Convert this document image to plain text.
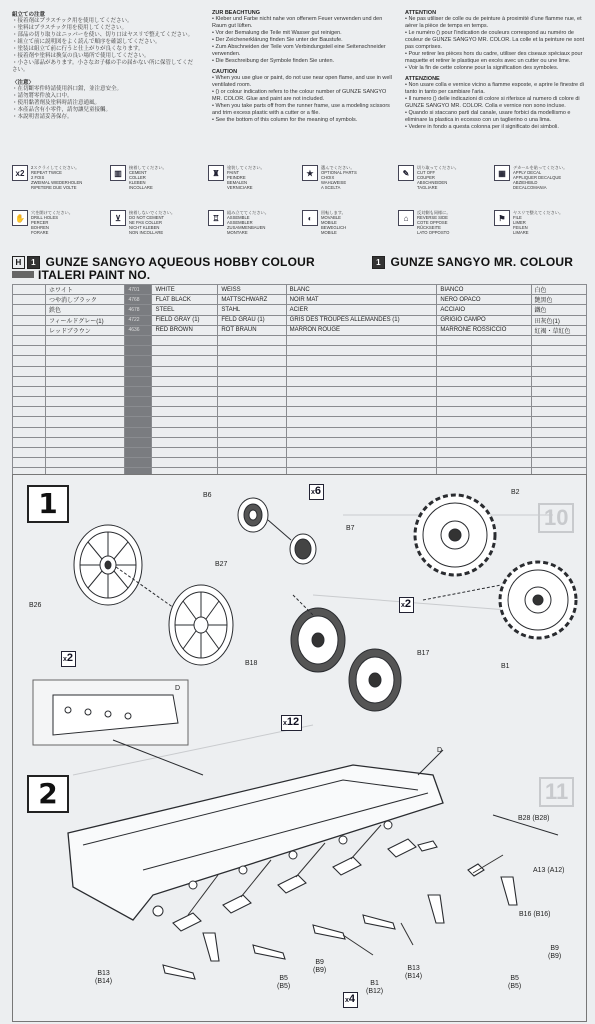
組立ての注意
・接着剤はプラスチック用を使用してください。
・塗料はプラスチック用を使用してください。
・部品の切り取りはニッパーを使い、切り口はヤスリで整えてください。
・組立て前に説明図をよく読んで順序を確認してください。
・塗装は組立て前に行うと仕上がりが良くなります。
・接着剤や塗料は換気の良い場所で使用してください。
・小さい部品があります。小さなお子様の手の届かない所に保管してください。
〈注意〉
・在切斷零件時請使用斜口鉗，並注意安全。
・請勿將零件放入口中。
・使用黏著劑及塗料時請注意通風。
・本產品含有小零件，請勿讓兒童接觸。
・本說明書請妥善保存。
ZUR BEACHTUNG
• Kleber und Farbe nicht nahe von offenem Feuer verwenden und den Raum gut lüften.
• Vor der Bemalung die Teile mit Wasser gut reinigen.
• Der Zeichenerklärung finden Sie unter der Baustufe.
• Zum Abschneiden der Teile vom Verbindungsteil eine Seitenschneider verwenden.
• Die Beschreibung der Symbole finden Sie unten.
CAUTION
• When you use glue or paint, do not use near open flame, and use in well ventilated room.
• () or colour indication refers to the colour number of GUNZE SANGYO MR. COLOR. Glue and paint are not included.
• When you take parts off from the runner frame, use a modeling scissors and trim excess plastic with a cutter or a file.
• See the bottom of this column for the meaning of symbols.
ATTENTION
• Ne pas utiliser de colle ou de peinture à proximité d'une flamme nue, et aérer la pièce de temps en temps.
• Le numéro () pour l'indication de couleurs correspond au numéro de couleur de GUNZE SANGYO MR. COLOR. La colle et la peinture ne sont pas comprises.
• Pour retirer les pièces hors du cadre, utiliser des ciseaux spéciaux pour maquette et retirer le plastique en excès avec un cutter ou une lime.
• Voir la fin de cette colonne pour la signification des symboles.
ATTENZIONE
• Non usare colla e vernice vicino a fiamme esposte, e aprire le finestre di tanto in tanto per cambiare l'aria.
• Il numero () delle indicazioni di colore si riferisce al numero di colore di GUNZE SANGYO MR. COLOR. Colla e vernice non sono incluse.
• Quando si staccano parti dal canale, usare forbici da modellismo e eliminare la plastica in eccesso con un taglierino o una lima.
• Vedere in fondo a questa colonna per il significato dei simboli.
x2
2スクライしてください。
REPEAT TWICE
2 FOIS
ZWEIMAL WIEDERHOLEN
RIPETERE DUE VOLTE
▥
接着してください。
CEMENT
COLLER
KLEBEN
INCOLLARE
♜
塗装してください。
PAINT
PEINDRE
BEMALEN
VERNICIARE
★
選んでください。
OPTIONAL PARTS
CHOIX
WAHLWEISE
A SCELTA
✎
切り取ってください。
CUT OFF
COUPER
ABSCHNEIDEN
TAGLIARE
▦
デカールを貼ってください。
APPLY DECAL
APPLIQUER DECALQUE
ABZIEHBILD
DECALCOMANIA
✋
穴を開けてください。
DRILL HOLES
PERCER
BOHREN
FORARE
⊻
接着しないでください。
DO NOT CEMENT
NE PAS COLLER
NICHT KLEBEN
NON INCOLLARE
♖
組み立ててください。
ASSEMBLE
ASSEMBLER
ZUSAMMENBAUEN
MONTARE
◐
回転します。
MOVABLE
MOBILE
BEWEGLICH
MOBILE
⌂
反対側も同様に。
REVERSE SIDE
COTE OPPOSE
RÜCKSEITE
LATO OPPOSTO
⚑
ヤスリで整えてください。
FILE
LIMER
FEILEN
LIMARE
H 1 GUNZE SANGYO AQUEOUS HOBBY COLOUR	1 GUNZE SANGYO MR. COLOUR
ITALERI PAINT NO.
	ホワイト	4701	WHITE	WEISS	BLANC	BIANCO	白色
	つや消しブラック	4768	FLAT BLACK	MATTSCHWARZ	NOIR MAT	NERO OPACO	艶黑色
	鉄色	4678	STEEL	STAHL	ACIER	ACCIAIO	鐵色
	フィールドグレー(1)	4722	FIELD GRAY (1)	FELD GRAU (1)	GRIS DES TROUPES ALLEMANDES (1)	GRIGIO CAMPO	田灰色(1)
	レッドブラウン	4636	RED BROWN	ROT BRAUN	MARRON ROUGE	MARRONE ROSSICCIO	紅褐・草紅色

1	10
B6	x6
B7
B2
B27
B26	x2
x2	B18
B17
B1
D
x12
2	11
D
B28 (B28)
A13 (A12)
B16 (B16)
B9
(B9)
B13
(B14)	B5
(B5)
B9
(B9)
B1
(B12)
B13
(B14)	B5
(B5)
x4
